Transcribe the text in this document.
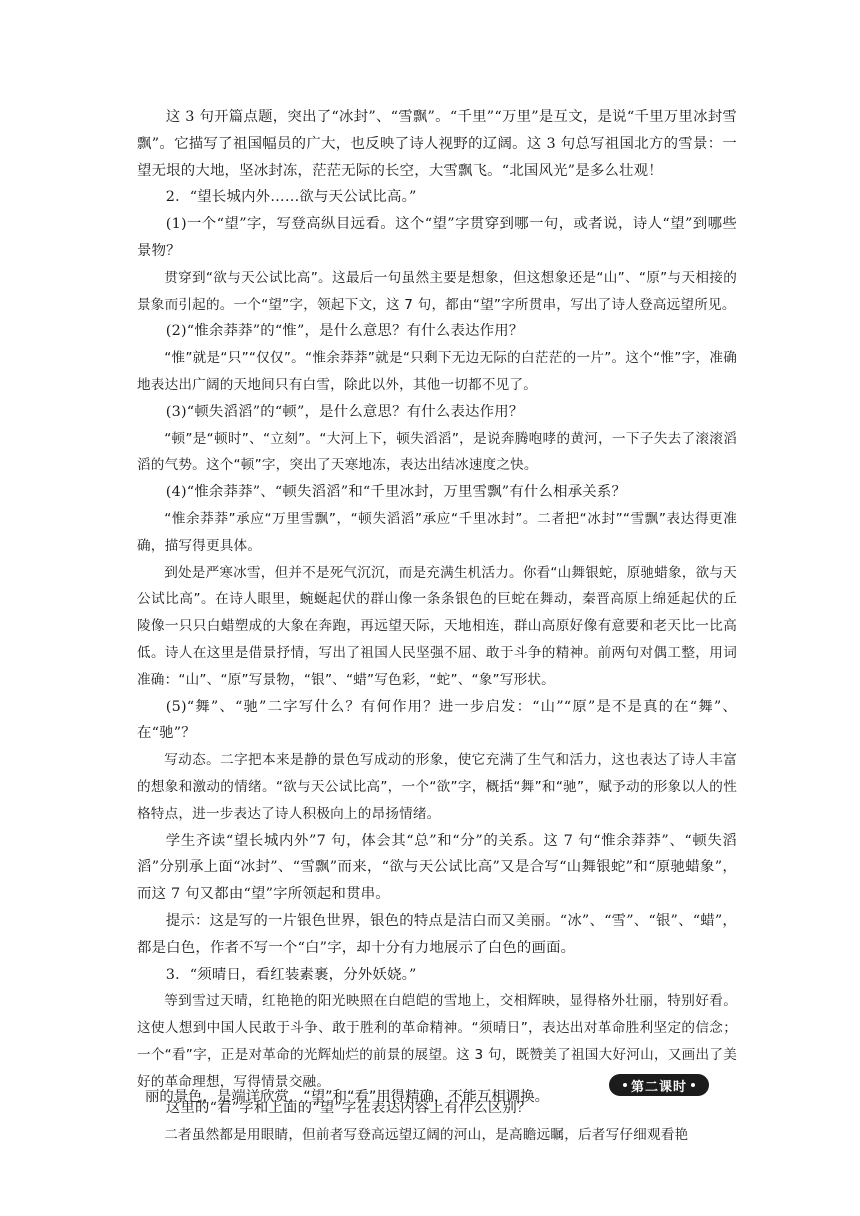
这 3 句开篇点题，突出了“冰封”、“雪飘”。“千里”“万里”是互文，是说“千里万里冰封雪飘”。它描写了祖国幅员的广大，也反映了诗人视野的辽阔。这 3 句总写祖国北方的雪景：一望无垠的大地，坚冰封冻，茫茫无际的长空，大雪飘飞。“北国风光”是多么壮观！

2．“望长城内外……欲与天公试比高。”

(1)一个“望”字，写登高纵目远看。这个“望”字贯穿到哪一句，或者说，诗人“望”到哪些景物？

贯穿到“欲与天公试比高”。这最后一句虽然主要是想象，但这想象还是“山”、“原”与天相接的景象而引起的。一个“望”字，领起下文，这 7 句，都由“望”字所贯串，写出了诗人登高远望所见。

(2)“惟余莽莽”的“惟”，是什么意思？有什么表达作用？

“惟”就是“只”“仅仅”。“惟余莽莽”就是“只剩下无边无际的白茫茫的一片”。这个“惟”字，准确地表达出广阔的天地间只有白雪，除此以外，其他一切都不见了。

(3)“顿失滔滔”的“顿”，是什么意思？有什么表达作用？

“顿”是“顿时”、“立刻”。“大河上下，顿失滔滔”，是说奔腾咆哮的黄河，一下子失去了滚滚滔滔的气势。这个“顿”字，突出了天寒地冻，表达出结冰速度之快。

(4)“惟余莽莽”、“顿失滔滔”和“千里冰封，万里雪飘”有什么相承关系？

“惟余莽莽”承应“万里雪飘”，“顿失滔滔”承应“千里冰封”。二者把“冰封”“雪飘”表达得更准确，描写得更具体。

到处是严寒冰雪，但并不是死气沉沉，而是充满生机活力。你看“山舞银蛇，原驰蜡象，欲与天公试比高”。在诗人眼里，蜿蜒起伏的群山像一条条银色的巨蛇在舞动，秦晋高原上绵延起伏的丘陵像一只只白蜡塑成的大象在奔跑，再远望天际，天地相连，群山高原好像有意要和老天比一比高低。诗人在这里是借景抒情，写出了祖国人民坚强不屈、敢于斗争的精神。前两句对偶工整，用词准确：“山”、“原”写景物，“银”、“蜡”写色彩，“蛇”、“象”写形状。

(5)“舞”、“驰”二字写什么？有何作用？进一步启发：“山”“原”是不是真的在“舞”、在“驰”？

写动态。二字把本来是静的景色写成动的形象，使它充满了生气和活力，这也表达了诗人丰富的想象和激动的情绪。“欲与天公试比高”，一个“欲”字，概括“舞”和“驰”，赋予动的形象以人的性格特点，进一步表达了诗人积极向上的昂扬情绪。

学生齐读“望长城内外”7 句，体会其“总”和“分”的关系。这 7 句“惟余莽莽”、“顿失滔滔”分别承上面“冰封”、“雪飘”而来，“欲与天公试比高”又是合写“山舞银蛇”和“原驰蜡象”，而这 7 句又都由“望”字所领起和贯串。

提示：这是写的一片银色世界，银色的特点是洁白而又美丽。“冰”、“雪”、“银”、“蜡”，都是白色，作者不写一个“白”字，却十分有力地展示了白色的画面。

3．“须晴日，看红装素裹，分外妖娆。”

等到雪过天晴，红艳艳的阳光映照在白皑皑的雪地上，交相辉映，显得格外壮丽，特别好看。这使人想到中国人民敢于斗争、敢于胜利的革命精神。“须晴日”，表达出对革命胜利坚定的信念；一个“看”字，正是对革命的光辉灿烂的前景的展望。这 3 句，既赞美了祖国大好河山，又画出了美好的革命理想，写得情景交融。

这里的“看”字和上面的“望”字在表达内容上有什么区别？

二者虽然都是用眼睛，但前者写登高远望辽阔的河山，是高瞻远瞩，后者写仔细观看艳

第二课时

丽的景色，是端详欣赏，“望”和“看”用得精确，不能互相调换。
